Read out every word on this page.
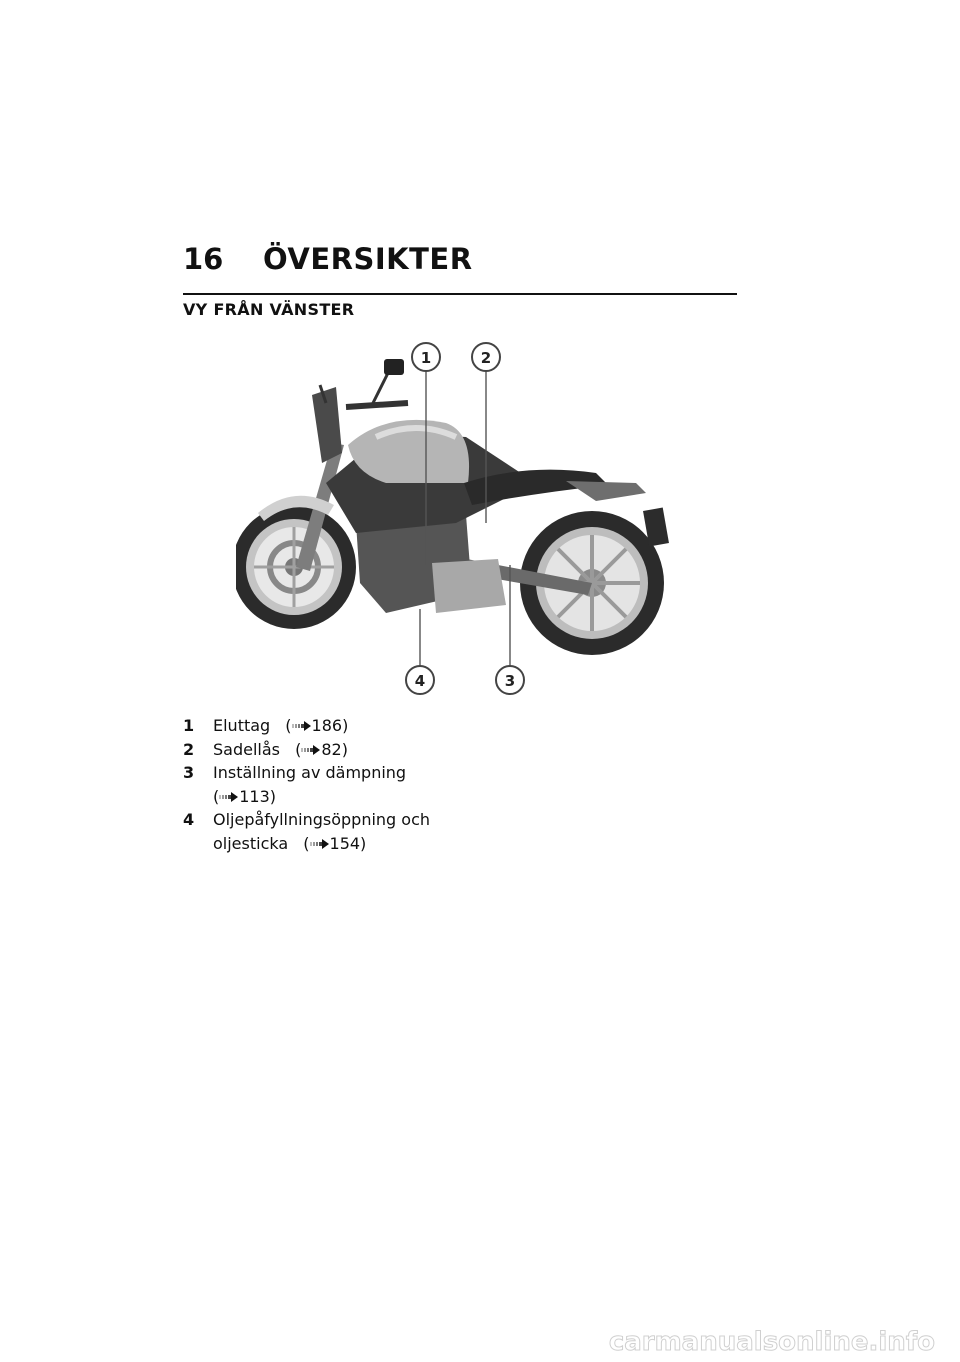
16	ÖVERSIKTER
VY FRÅN VÄNSTER
1	2
3
4
1	Eluttag ( 186)
2	Sadellås ( 82)
3	Inställning av dämpning
( 113)
4	Oljepåfyllningsöppning och
oljesticka ( 154)
carmanualsonline.info
